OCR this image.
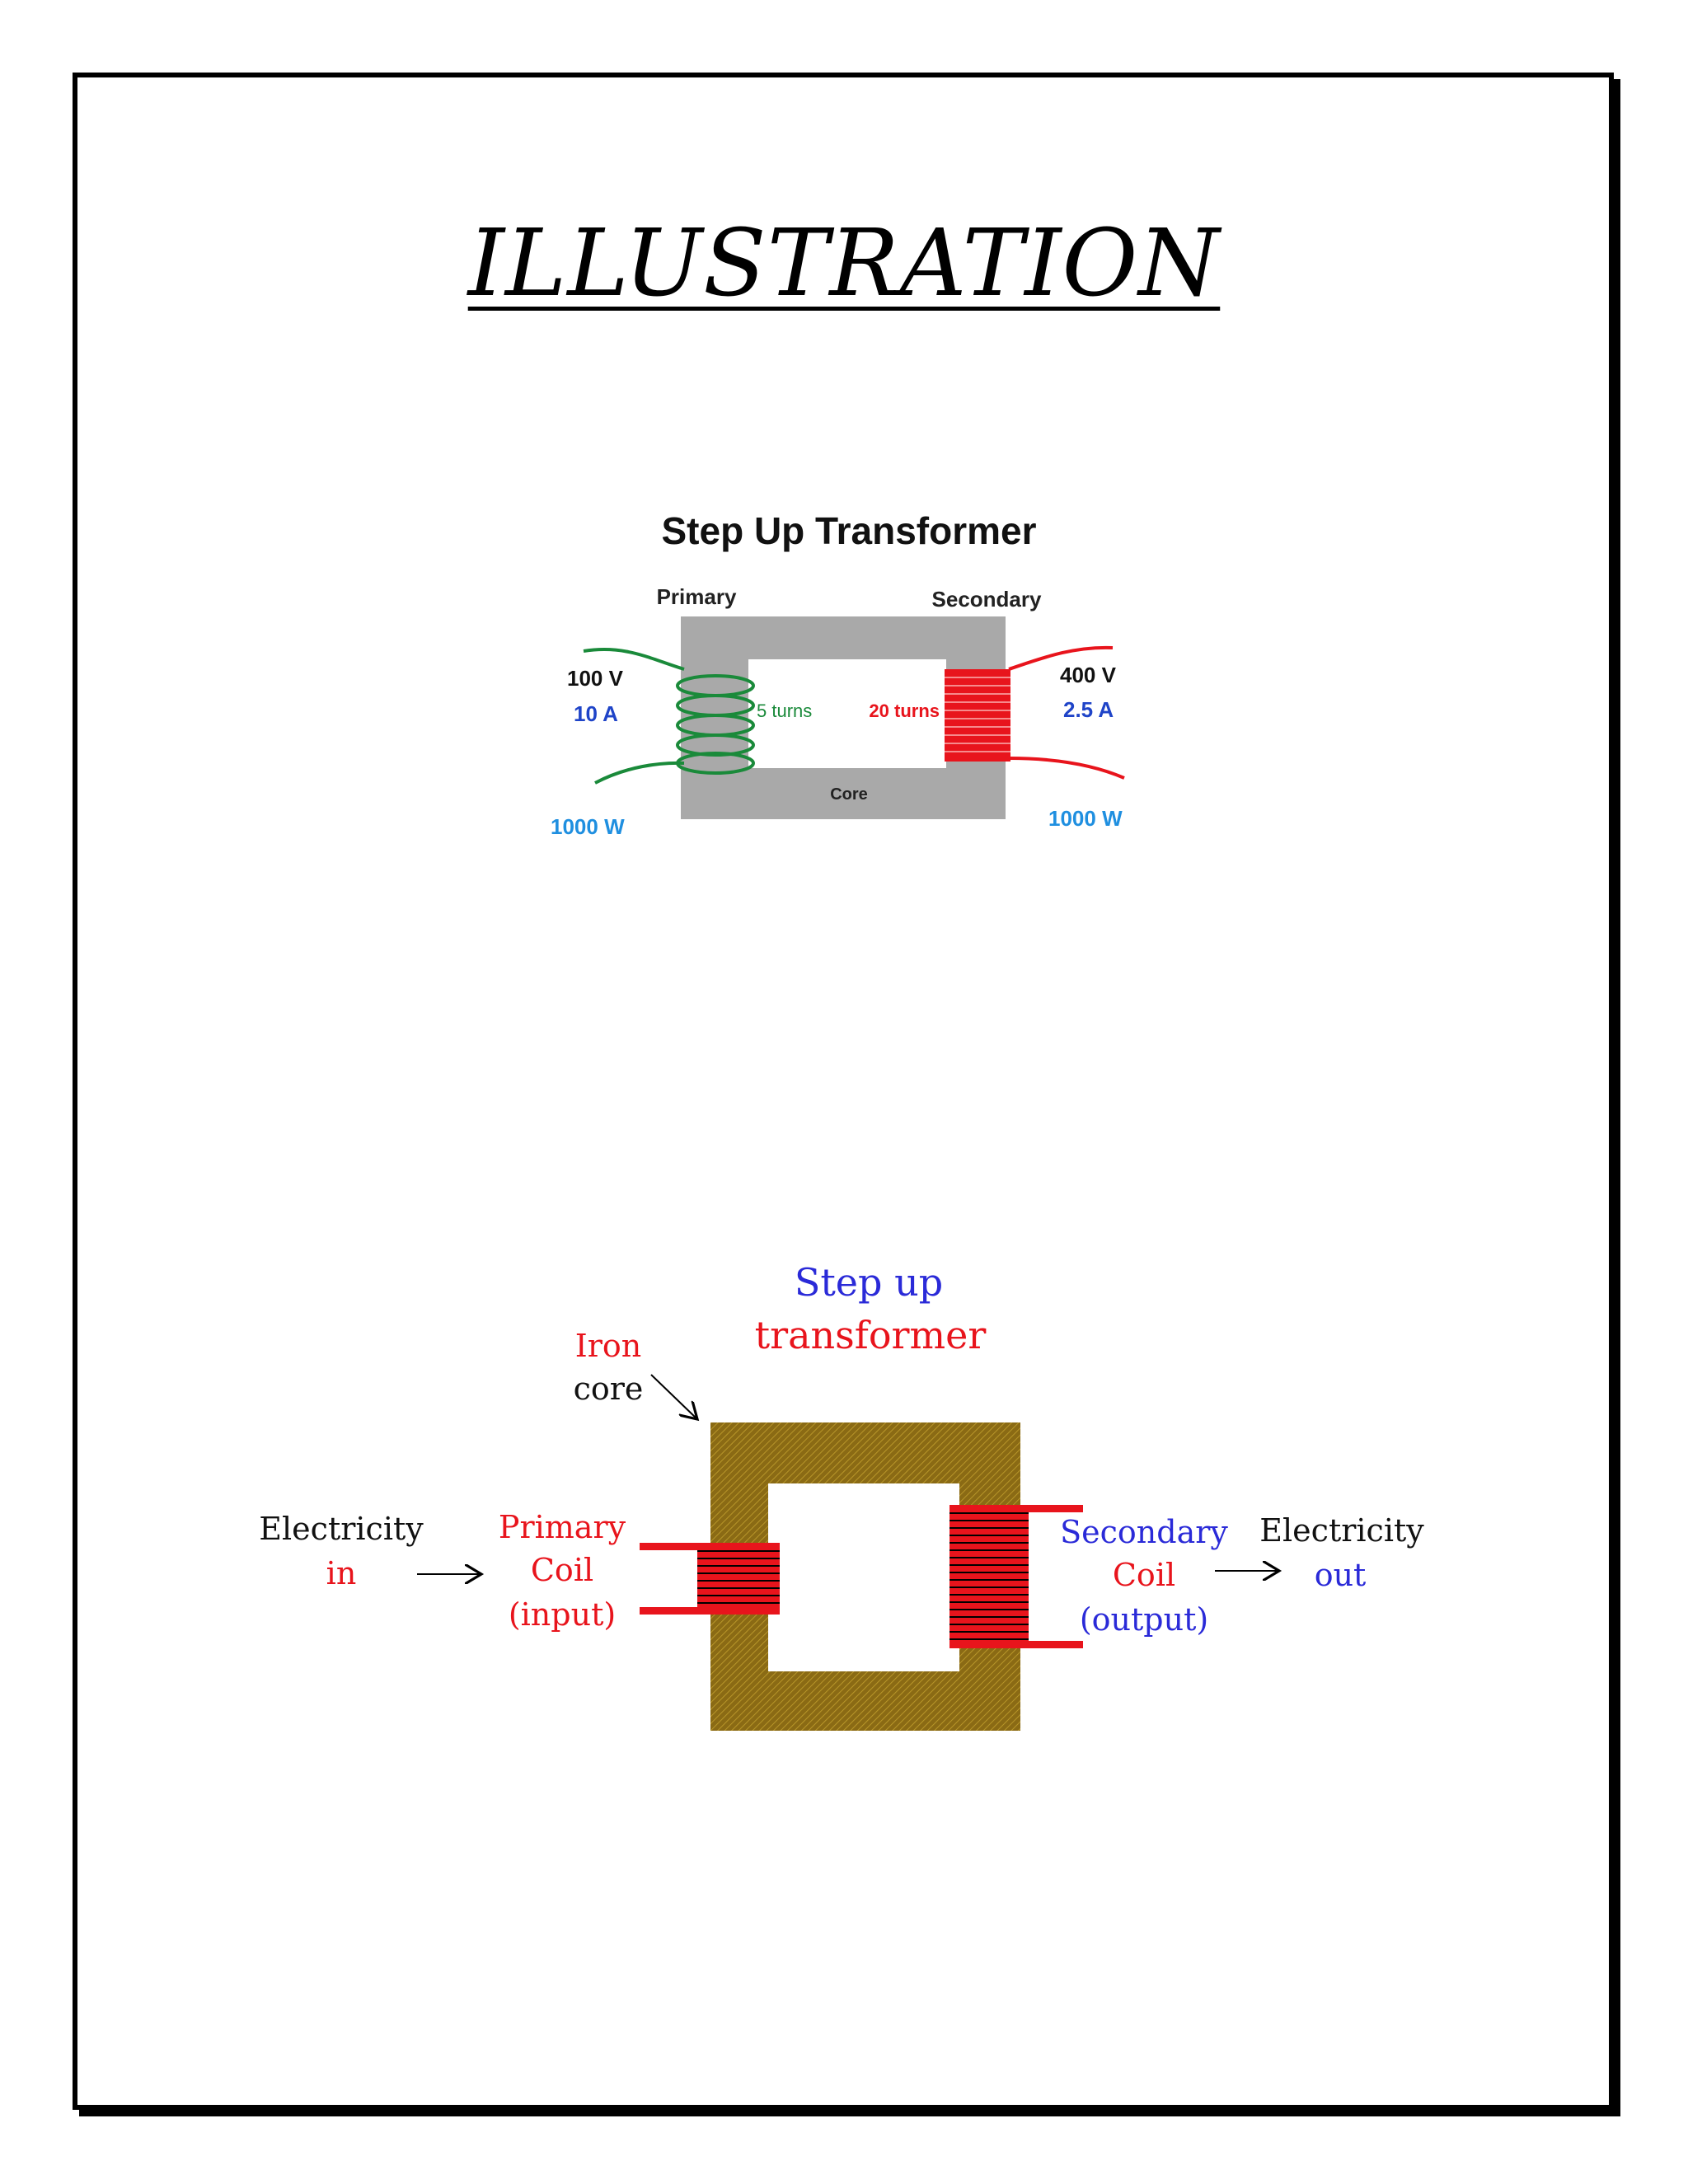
ILLUSTRATION
Step Up Transformer
Primary	Secondary
Core
100 V
10 A	5 turns
1000 W
20 turns
400 V
2.5 A
1000 W
Step up
transformer
Iron
core
Electricity
in
Primary
Coil
(input)
Secondary
Coil
(output)
Electricity
out
